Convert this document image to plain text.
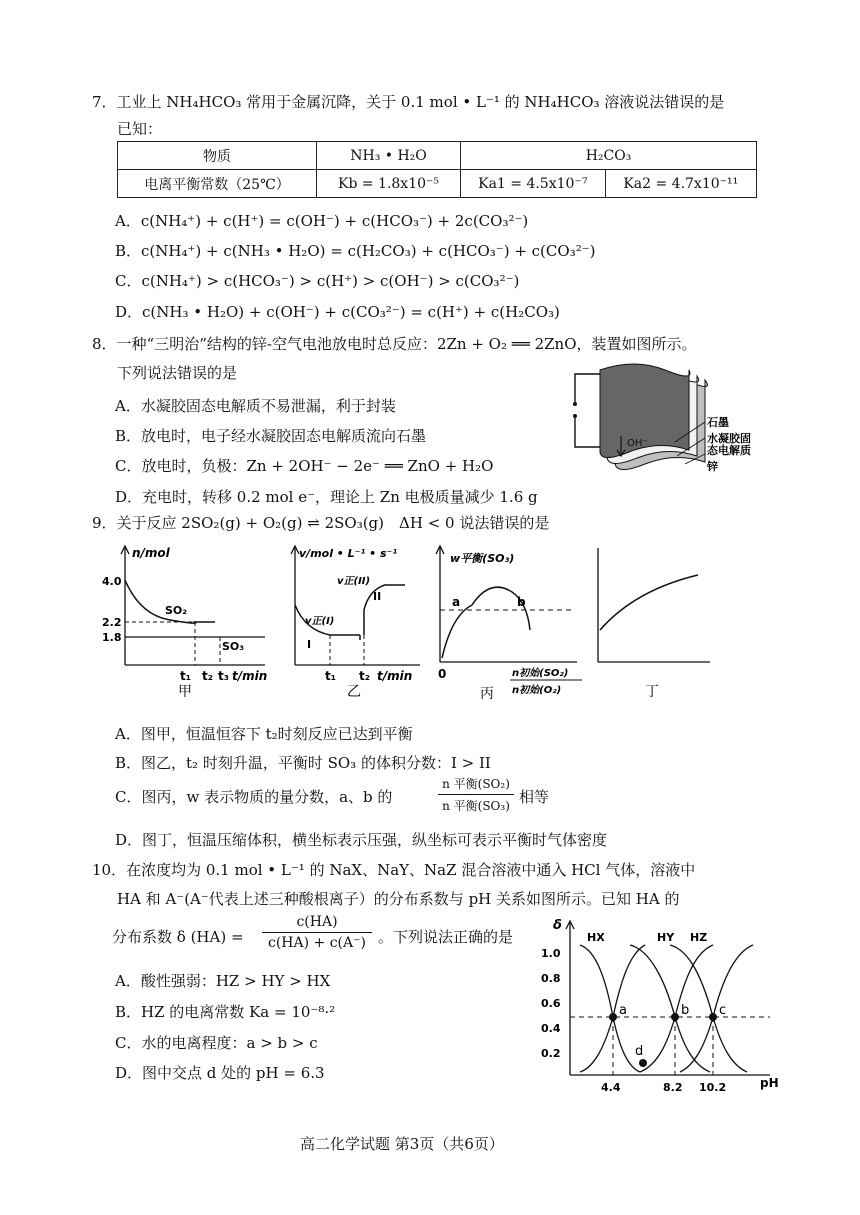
7．工业上 NH₄HCO₃ 常用于金属沉降，关于 0.1 mol • L⁻¹ 的 NH₄HCO₃ 溶液说法错误的是
已知：
物质	NH₃ • H₂O	H₂CO₃	
电离平衡常数（25℃）	Kb = 1.8x10⁻⁵	Ka1 = 4.5x10⁻⁷	Ka2 = 4.7x10⁻¹¹
A．c(NH₄⁺) + c(H⁺) = c(OH⁻) + c(HCO₃⁻) + 2c(CO₃²⁻)
B．c(NH₄⁺) + c(NH₃ • H₂O) = c(H₂CO₃) + c(HCO₃⁻) + c(CO₃²⁻)
C．c(NH₄⁺) > c(HCO₃⁻) > c(H⁺) > c(OH⁻) > c(CO₃²⁻)
D．c(NH₃ • H₂O) + c(OH⁻) + c(CO₃²⁻) = c(H⁺) + c(H₂CO₃)
8．一种“三明治”结构的锌-空气电池放电时总反应：2Zn + O₂ ══ 2ZnO，装置如图所示。
下列说法错误的是
A．水凝胶固态电解质不易泄漏，利于封装
B．放电时，电子经水凝胶固态电解质流向石墨
C．放电时，负极：Zn + 2OH⁻ − 2e⁻ ══ ZnO + H₂O
D．充电时，转移 0.2 mol e⁻，理论上 Zn 电极质量减少 1.6 g
石墨
水凝胶固
态电解质
锌
OH⁻
9．关于反应 2SO₂(g) + O₂(g) ⇌ 2SO₃(g)　ΔH < 0 说法错误的是
n/mol
4.0
2.2
1.8
SO₂
SO₃
t₁ t₂ t₃ t/min
甲
v/mol • L⁻¹ • s⁻¹
v正(I)
v正(II)
I
II
t₁ t₂ t/min
乙
w平衡(SO₃)
a	b
0	n初始(SO₂)
n初始(O₂)
丙	丁
A．图甲，恒温恒容下 t₂时刻反应已达到平衡
B．图乙，t₂ 时刻升温，平衡时 SO₃ 的体积分数：I > II
C．图丙，w 表示物质的量分数，a、b 的
n 平衡(SO₂)
n 平衡(SO₃) 相等
D．图丁，恒温压缩体积，横坐标表示压强，纵坐标可表示平衡时气体密度
10．在浓度均为 0.1 mol • L⁻¹ 的 NaX、NaY、NaZ 混合溶液中通入 HCl 气体，溶液中
HA 和 A⁻(A⁻代表上述三种酸根离子）的分布系数与 pH 关系如图所示。已知 HA 的
分布系数 δ (HA) =
c(HA)
c(HA) + c(A⁻) 。下列说法正确的是
A．酸性强弱：HZ > HY > HX
B．HZ 的电离常数 Ka = 10⁻⁸·²
C．水的电离程度：a > b > c
D．图中交点 d 处的 pH = 6.3
δ
pH
1.0
0.8
0.6
0.4
0.2
HX	HY HZ
a	b c
d
4.4	8.2 10.2
高二化学试题 第3页（共6页）
